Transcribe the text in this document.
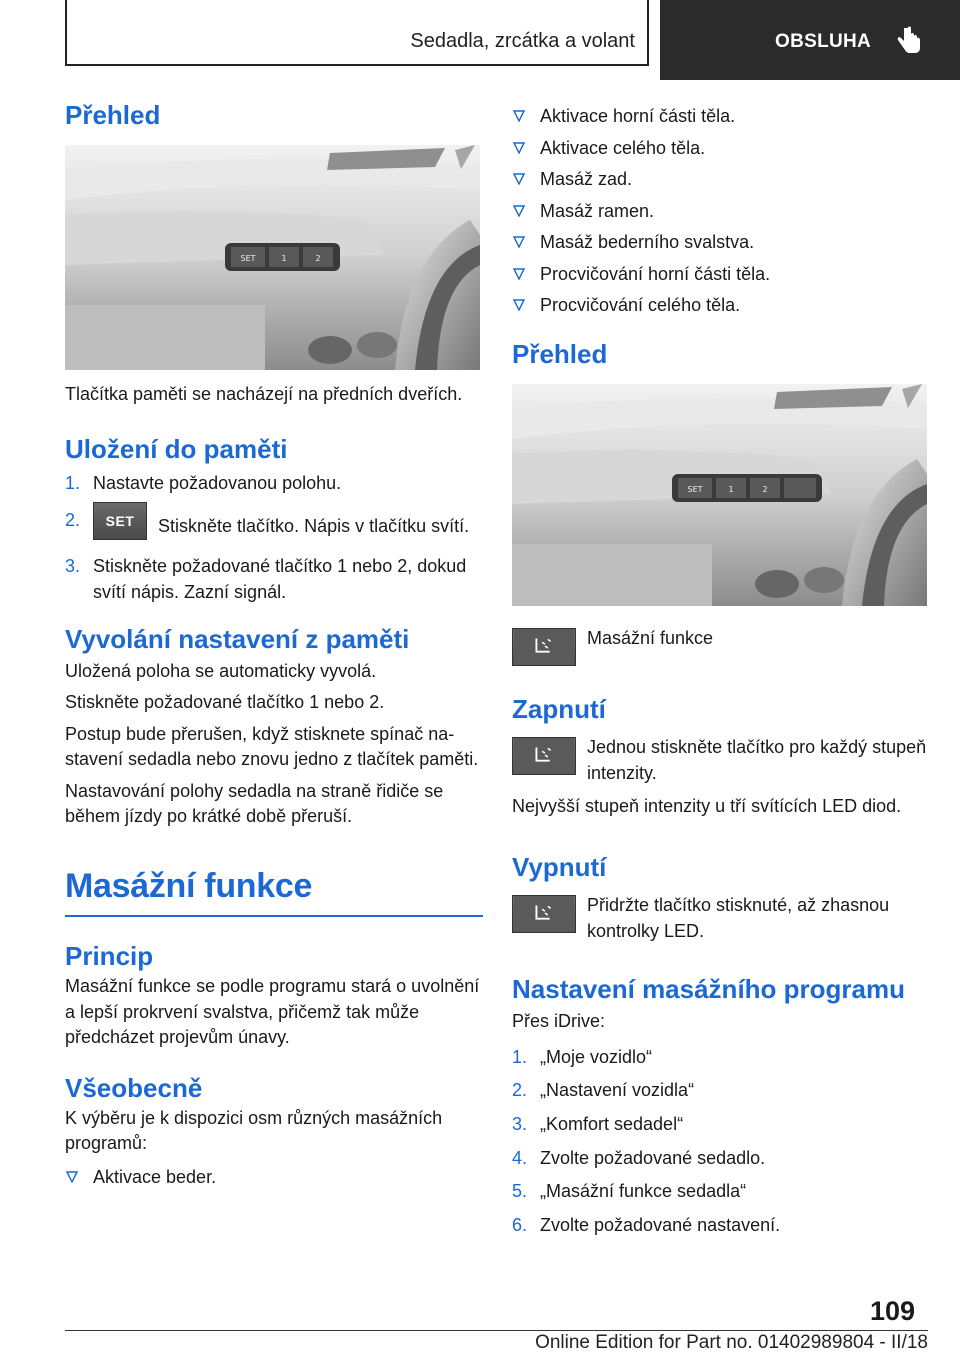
Sedadla, zrcátka a volant	OBSLUHA
Přehled
SET	1	2

Tlačítka paměti se nacházejí na předních dveřích.

Uložení do paměti
1. Nastavte požadovanou polohu.
2. SET Stiskněte tlačítko. Nápis v tlačítku svítí.
3. Stiskněte požadované tlačítko 1 nebo 2, dokud svítí nápis. Zazní signál.
Vyvolání nastavení z paměti

Uložená poloha se automaticky vyvolá.

Stiskněte požadované tlačítko 1 nebo 2.

Postup bude přerušen, když stisknete spínač nastavení sedadla nebo znovu jedno z tlačítek paměti.

Nastavování polohy sedadla na straně řidiče se během jízdy po krátké době přeruší.

Masážní funkce
Princip

Masážní funkce se podle programu stará o uvolnění a lepší prokrvení svalstva, přičemž tak může předcházet projevům únavy.

Všeobecně

K výběru je k dispozici osm různých masážních programů:

Aktivace beder.
Aktivace horní části těla.
Aktivace celého těla.
Masáž zad.
Masáž ramen.
Masáž bederního svalstva.
Procvičování horní části těla.
Procvičování celého těla.
Přehled
SET	1	2

Masážní funkce

Zapnutí

Jednou stiskněte tlačítko pro každý stupeň intenzity.

Nejvyšší stupeň intenzity u tří svítících LED diod.

Vypnutí

Přidržte tlačítko stisknuté, až zhasnou kontrolky LED.

Nastavení masážního programu

Přes iDrive:

1. „Moje vozidlo“
2. „Nastavení vozidla“
3. „Komfort sedadel“
4. Zvolte požadované sedadlo.
5. „Masážní funkce sedadla“
6. Zvolte požadované nastavení.
109
Online Edition for Part no. 01402989804 - II/18
